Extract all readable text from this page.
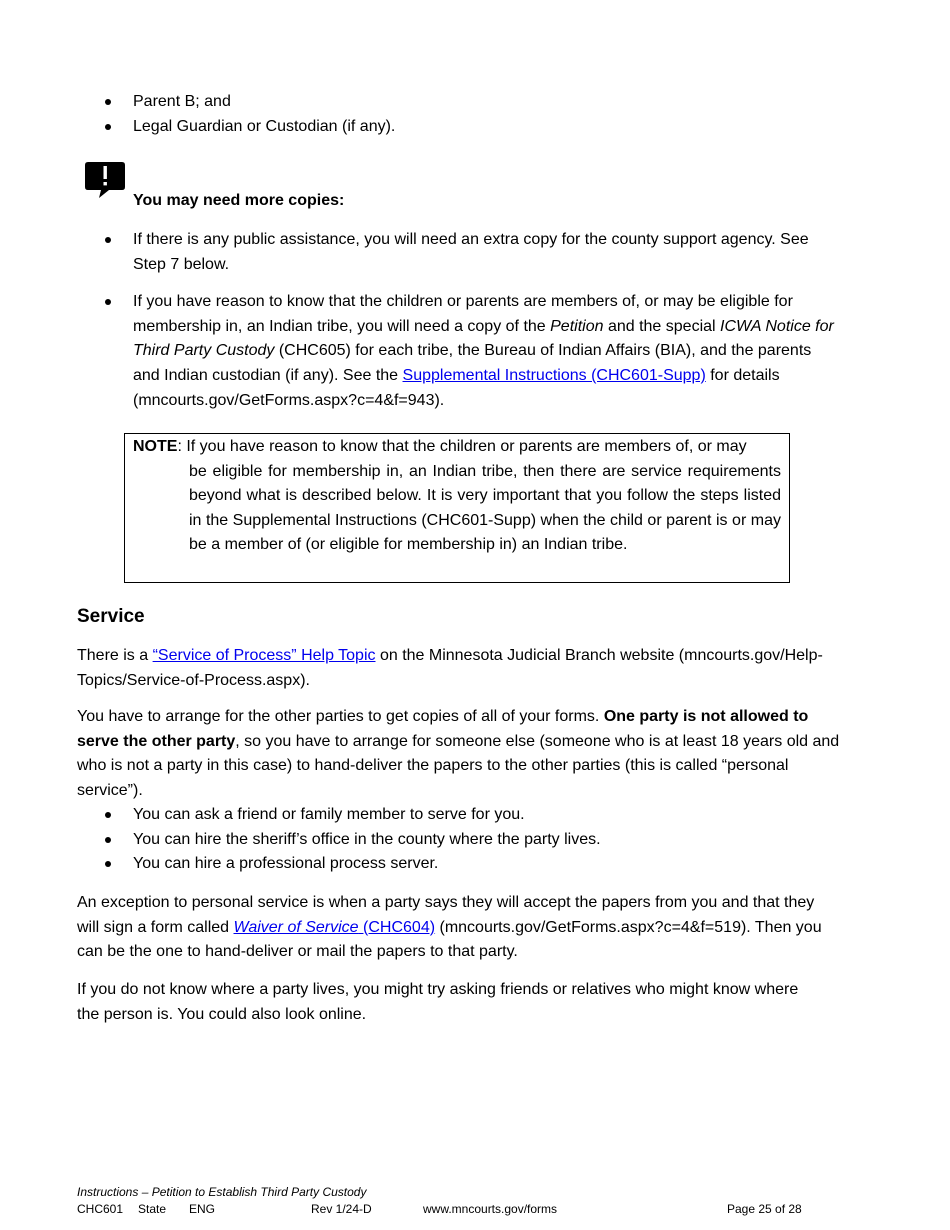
Parent B; and
Legal Guardian or Custodian (if any).
You may need more copies:
If there is any public assistance, you will need an extra copy for the county support agency. See Step 7 below.
If you have reason to know that the children or parents are members of, or may be eligible for membership in, an Indian tribe, you will need a copy of the Petition and the special ICWA Notice for Third Party Custody (CHC605) for each tribe, the Bureau of Indian Affairs (BIA), and the parents and Indian custodian (if any). See the Supplemental Instructions (CHC601-Supp) for details (mncourts.gov/GetForms.aspx?c=4&f=943).

NOTE: If you have reason to know that the children or parents are members of, or may

be eligible for membership in, an Indian tribe, then there are service requirements beyond what is described below. It is very important that you follow the steps listed in the Supplemental Instructions (CHC601-Supp) when the child or parent is or may be a member of (or eligible for membership in) an Indian tribe.

Service
There is a “Service of Process” Help Topic on the Minnesota Judicial Branch website (mncourts.gov/Help-Topics/Service-of-Process.aspx).
You have to arrange for the other parties to get copies of all of your forms. One party is not allowed to serve the other party, so you have to arrange for someone else (someone who is at least 18 years old and who is not a party in this case) to hand-deliver the papers to the other parties (this is called “personal service”).
You can ask a friend or family member to serve for you.
You can hire the sheriff’s office in the county where the party lives.
You can hire a professional process server.
An exception to personal service is when a party says they will accept the papers from you and that they will sign a form called Waiver of Service (CHC604) (mncourts.gov/GetForms.aspx?c=4&f=519). Then you can be the one to hand-deliver or mail the papers to that party.
If you do not know where a party lives, you might try asking friends or relatives who might know where the person is. You could also look online.
Instructions – Petition to Establish Third Party Custody
CHC601 State ENG	Rev 1/24-D	www.mncourts.gov/forms	Page 25 of 28
